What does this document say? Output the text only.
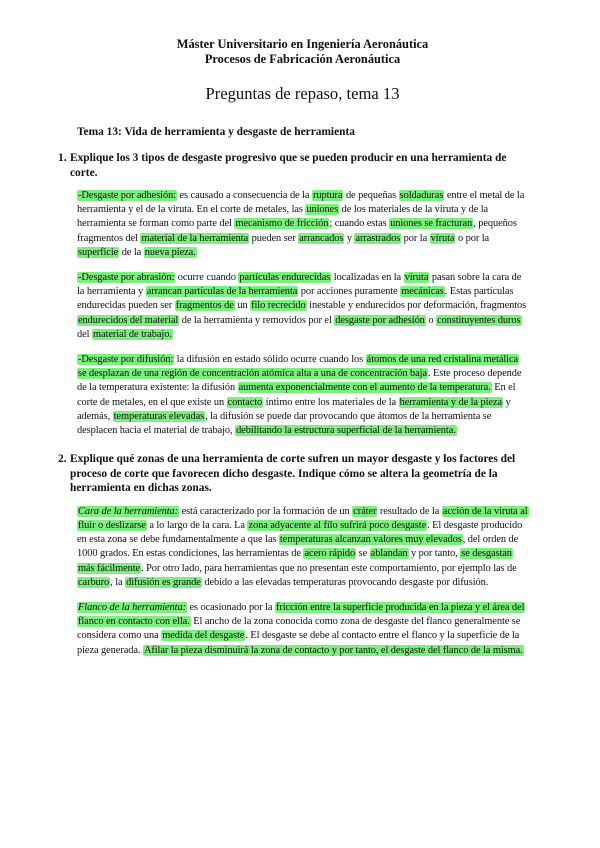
Máster Universitario en Ingeniería Aeronáutica
Procesos de Fabricación Aeronáutica
Preguntas de repaso, tema 13
Tema 13: Vida de herramienta y desgaste de herramienta
1. Explique los 3 tipos de desgaste progresivo que se pueden producir en una herramienta de corte.

-Desgaste por adhesión: es causado a consecuencia de la ruptura de pequeñas soldaduras entre el metal de la herramienta y el de la viruta. En el corte de metales, las uniones de los materiales de la viruta y de la herramienta se forman como parte del mecanismo de fricción; cuando estas uniones se fracturan, pequeños fragmentos del material de la herramienta pueden ser arrancados y arrastrados por la viruta o por la superficie de la nueva pieza.

-Desgaste por abrasión: ocurre cuando partículas endurecidas localizadas en la viruta pasan sobre la cara de la herramienta y arrancan partículas de la herramienta por acciones puramente mecánicas. Estas partículas endurecidas pueden ser fragmentos de un filo recrecido inestable y endurecidos por deformación, fragmentos endurecidos del material de la herramienta y removidos por el desgaste por adhesión o constituyentes duros del material de trabajo.

-Desgaste por difusión: la difusión en estado sólido ocurre cuando los átomos de una red cristalina metálica se desplazan de una región de concentración atómica alta a una de concentración baja. Este proceso depende de la temperatura existente: la difusión aumenta exponencialmente con el aumento de la temperatura. En el corte de metales, en el que existe un contacto íntimo entre los materiales de la herramienta y de la pieza y además, temperaturas elevadas, la difusión se puede dar provocando que átomos de la herramienta se desplacen hacia el material de trabajo, debilitando la estructura superficial de la herramienta.

2. Explique qué zonas de una herramienta de corte sufren un mayor desgaste y los factores del proceso de corte que favorecen dicho desgaste. Indique cómo se altera la geometría de la herramienta en dichas zonas.

Cara de la herramienta: está caracterizado por la formación de un cráter resultado de la acción de la viruta al fluir o deslizarse a lo largo de la cara. La zona adyacente al filo sufrirá poco desgaste. El desgaste producido en esta zona se debe fundamentalmente a que las temperaturas alcanzan valores muy elevados, del orden de 1000 grados. En estas condiciones, las herramientas de acero rápido se ablandan y por tanto, se desgastan más fácilmente. Por otro lado, para herramientas que no presentan este comportamiento, por ejemplo las de carburo, la difusión es grande debido a las elevadas temperaturas provocando desgaste por difusión.

Flanco de la herramienta: es ocasionado por la fricción entre la superficie producida en la pieza y el área del flanco en contacto con ella. El ancho de la zona conocida como zona de desgaste del flanco generalmente se considera como una medida del desgaste. El desgaste se debe al contacto entre el flanco y la superficie de la pieza generada. Afilar la pieza disminuirá la zona de contacto y por tanto, el desgaste del flanco de la misma.
